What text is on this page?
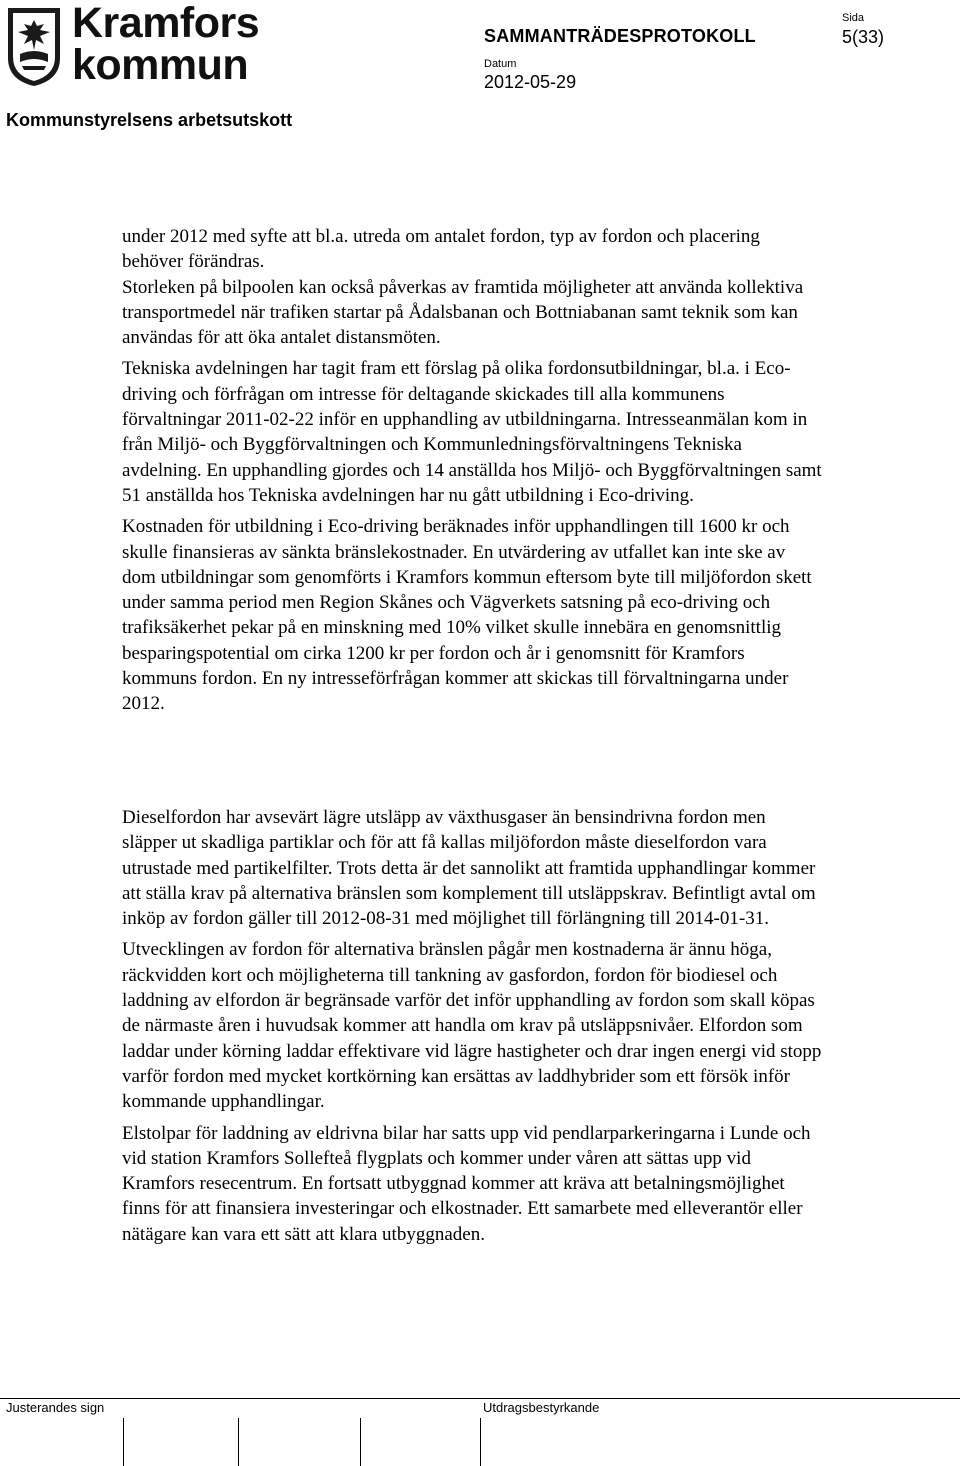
Kramfors
kommun
SAMMANTRÄDESPROTOKOLL
Sida
5(33)
Datum
2012-05-29
Kommunstyrelsens arbetsutskott

under 2012 med syfte att bl.a. utreda om antalet fordon, typ av fordon och placering behöver förändras.

Storleken på bilpoolen kan också påverkas av framtida möjligheter att använda kollektiva transportmedel när trafiken startar på Ådalsbanan och Bottniabanan samt teknik som kan användas för att öka antalet distansmöten.

Tekniska avdelningen har tagit fram ett förslag på olika fordonsutbildningar, bl.a. i Eco-driving och förfrågan om intresse för deltagande skickades till alla kommunens förvaltningar 2011-02-22 inför en upphandling av utbildningarna. Intresseanmälan kom in från Miljö- och Byggförvaltningen och Kommunledningsförvaltningens Tekniska avdelning. En upphandling gjordes och 14 anställda hos Miljö- och Byggförvaltningen samt 51 anställda hos Tekniska avdelningen har nu gått utbildning i Eco-driving.

Kostnaden för utbildning i Eco-driving beräknades inför upphandlingen till 1600 kr och skulle finansieras av sänkta bränslekostnader. En utvärdering av utfallet kan inte ske av dom utbildningar som genomförts i Kramfors kommun eftersom byte till miljöfordon skett under samma period men Region Skånes och Vägverkets satsning på eco-driving och trafiksäkerhet pekar på en minskning med 10% vilket skulle innebära en genomsnittlig besparingspotential om cirka 1200 kr per fordon och år i genomsnitt för Kramfors kommuns fordon. En ny intresseförfrågan kommer att skickas till förvaltningarna under 2012.

Dieselfordon har avsevärt lägre utsläpp av växthusgaser än bensindrivna fordon men släpper ut skadliga partiklar och för att få kallas miljöfordon måste dieselfordon vara utrustade med partikelfilter. Trots detta är det sannolikt att framtida upphandlingar kommer att ställa krav på alternativa bränslen som komplement till utsläppskrav. Befintligt avtal om inköp av fordon gäller till 2012-08-31 med möjlighet till förlängning till 2014-01-31.

Utvecklingen av fordon för alternativa bränslen pågår men kostnaderna är ännu höga, räckvidden kort och möjligheterna till tankning av gasfordon, fordon för biodiesel och laddning av elfordon är begränsade varför det inför upphandling av fordon som skall köpas de närmaste åren i huvudsak kommer att handla om krav på utsläppsnivåer. Elfordon som laddar under körning laddar effektivare vid lägre hastigheter och drar ingen energi vid stopp varför fordon med mycket kortkörning kan ersättas av laddhybrider som ett försök inför kommande upphandlingar.

Elstolpar för laddning av eldrivna bilar har satts upp vid pendlarparkeringarna i Lunde och vid station Kramfors Sollefteå flygplats och kommer under våren att sättas upp vid Kramfors resecentrum. En fortsatt utbyggnad kommer att kräva att betalningsmöjlighet finns för att finansiera investeringar och elkostnader. Ett samarbete med elleverantör eller nätägare kan vara ett sätt att klara utbyggnaden.

Justerandes sign	Utdragsbestyrkande
